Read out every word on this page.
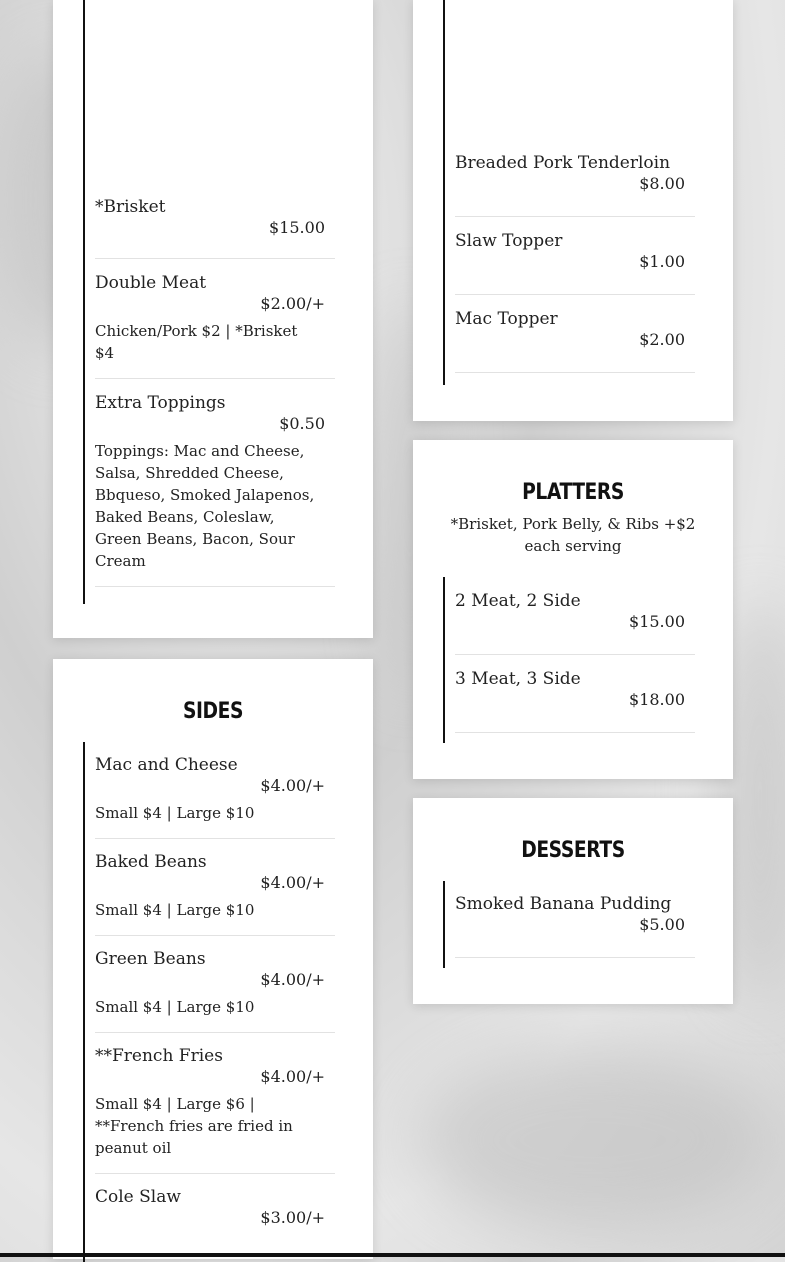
*Brisket
$15.00
Double Meat
$2.00/+
Chicken/Pork $2 | *Brisket $4
Extra Toppings
$0.50
Toppings: Mac and Cheese, Salsa, Shredded Cheese, Bbqueso, Smoked Jalapenos, Baked Beans, Coleslaw, Green Beans, Bacon, Sour Cream
Breaded Pork Tenderloin
$8.00
Slaw Topper
$1.00
Mac Topper
$2.00
PLATTERS

*Brisket, Pork Belly, & Ribs +$2 each serving

2 Meat, 2 Side
$15.00
3 Meat, 3 Side
$18.00
DESSERTS
Smoked Banana Pudding
$5.00
SIDES
Mac and Cheese
$4.00/+
Small $4 | Large $10
Baked Beans
$4.00/+
Small $4 | Large $10
Green Beans
$4.00/+
Small $4 | Large $10
**French Fries
$4.00/+
Small $4 | Large $6 | **French fries are fried in peanut oil
Cole Slaw
$3.00/+
